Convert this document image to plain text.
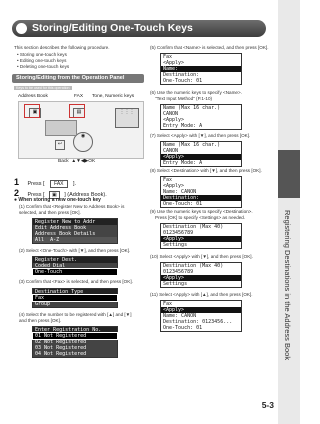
Storing/Editing One-Touch Keys
This section describes the following procedure.
• Storing one-touch keys
• Editing one-touch keys
• Deleting one-touch keys
Storing/Editing from the Operation Panel
Keys to be used for this operation
Address Book	FAX Tone, Numeric keys
▣	▤	⋮⋮⋮
◉
↩
Back ▲▼◀▶OK
1 Press [ FAX ].
2 Press [ ▣ ] (Address Book).
● When storing a new one-touch key
(1) Confirm that <Register New to Address Book> is selected, and then press [OK].
Register New to Addr
Edit Address Book
Address Book Details
All A-Z
(2) Select <One-Touch> with [▼], and then press [OK].
Register Dest.
Coded Dial
One-Touch
(3) Confirm that <Fax> is selected, and then press [OK].
Destination Type
Fax
Group
(4) Select the number to be registered with [▲] and [▼] and then press [OK].
Enter Registration No.
01 Not Registered
02 Not Registered
03 Not Registered
04 Not Registered
(5) Confirm that <Name> is selected, and then press [OK].
Fax
<Apply>
Name:
Destination:
One-Touch: 01
(6) Use the numeric keys to specify <Name>.
"Text Input Method" (P.1-10)
Name (Max 16 char.)
CANON
<Apply>
Entry Mode: A
(7) Select <Apply> with [▼], and then press [OK].
Name (Max 16 char.)
CANON
<Apply>
Entry Mode: A
(8) Select <Destination> with [▼], and then press [OK].
Fax
<Apply>
Name: CANON
Destination:
One-Touch: 01
(9) Use the numeric keys to specify <Destination>.
Press [OK] to specify <Settings> as needed.
Destination (Max 40)
0123456789
<Apply>
Settings
(10) Select <Apply> with [▼], and then press [OK].
Destination (Max 40)
0123456789
<Apply>
Settings
(11) Select <Apply> with [▲], and then press [OK].
Fax
<Apply>
Name: CANON
Destination: 0123456...
One-Touch: 01	Registering Destinations in the Address Book
5-3
